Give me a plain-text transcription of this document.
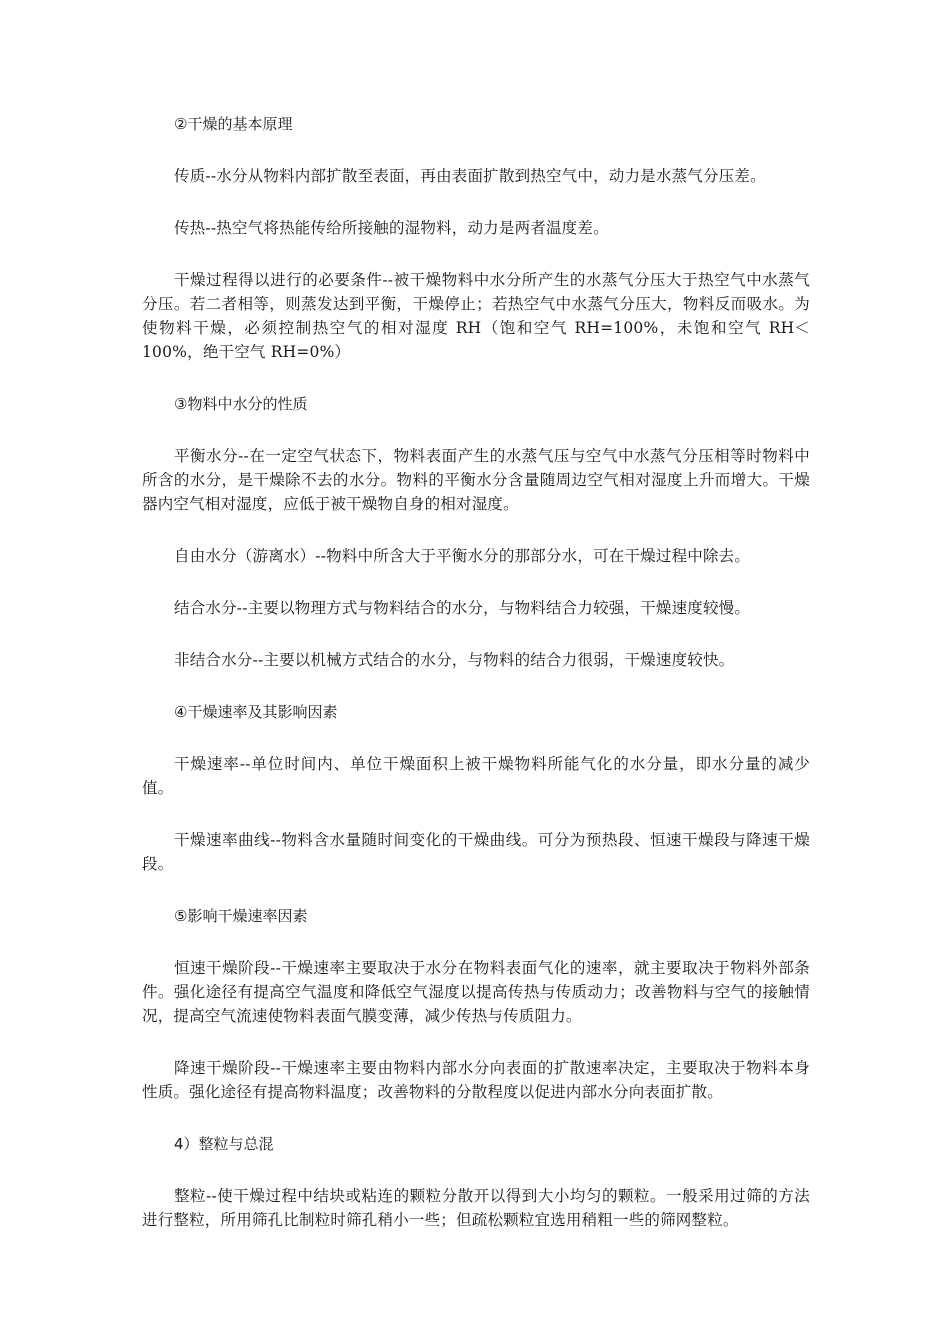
②干燥的基本原理

传质--水分从物料内部扩散至表面，再由表面扩散到热空气中，动力是水蒸气分压差。

传热--热空气将热能传给所接触的湿物料，动力是两者温度差。

干燥过程得以进行的必要条件--被干燥物料中水分所产生的水蒸气分压大于热空气中水蒸气分压。若二者相等，则蒸发达到平衡，干燥停止；若热空气中水蒸气分压大，物料反而吸水。为使物料干燥，必须控制热空气的相对湿度 RH（饱和空气 RH=100%，未饱和空气 RH＜100%，绝干空气 RH=0%）

③物料中水分的性质

平衡水分--在一定空气状态下，物料表面产生的水蒸气压与空气中水蒸气分压相等时物料中所含的水分，是干燥除不去的水分。物料的平衡水分含量随周边空气相对湿度上升而增大。干燥器内空气相对湿度，应低于被干燥物自身的相对湿度。

自由水分（游离水）--物料中所含大于平衡水分的那部分水，可在干燥过程中除去。

结合水分--主要以物理方式与物料结合的水分，与物料结合力较强，干燥速度较慢。

非结合水分--主要以机械方式结合的水分，与物料的结合力很弱，干燥速度较快。

④干燥速率及其影响因素

干燥速率--单位时间内、单位干燥面积上被干燥物料所能气化的水分量，即水分量的减少值。

干燥速率曲线--物料含水量随时间变化的干燥曲线。可分为预热段、恒速干燥段与降速干燥段。

⑤影响干燥速率因素

恒速干燥阶段--干燥速率主要取决于水分在物料表面气化的速率，就主要取决于物料外部条件。强化途径有提高空气温度和降低空气湿度以提高传热与传质动力；改善物料与空气的接触情况，提高空气流速使物料表面气膜变薄，减少传热与传质阻力。

降速干燥阶段--干燥速率主要由物料内部水分向表面的扩散速率决定，主要取决于物料本身性质。强化途径有提高物料温度；改善物料的分散程度以促进内部水分向表面扩散。

4）整粒与总混

整粒--使干燥过程中结块或粘连的颗粒分散开以得到大小均匀的颗粒。一般采用过筛的方法进行整粒，所用筛孔比制粒时筛孔稍小一些；但疏松颗粒宜选用稍粗一些的筛网整粒。
